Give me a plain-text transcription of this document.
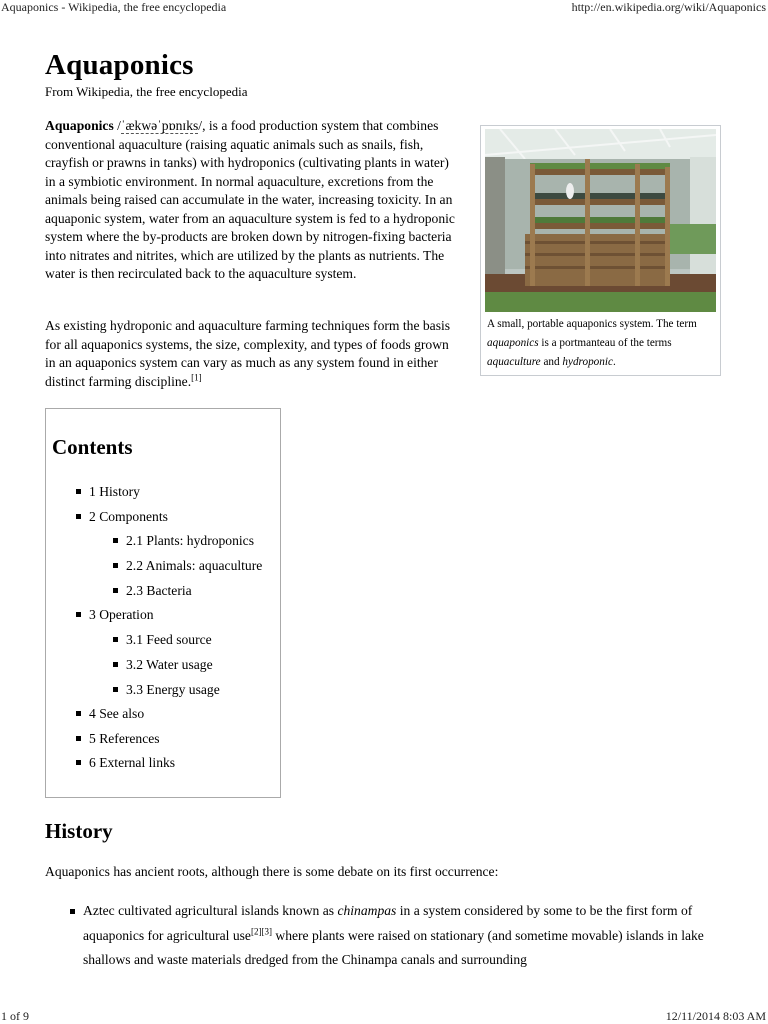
Aquaponics - Wikipedia, the free encyclopedia	http://en.wikipedia.org/wiki/Aquaponics
Aquaponics
From Wikipedia, the free encyclopedia

Aquaponics /ˈækwəˈpɒnɪks/, is a food production system that combines conventional aquaculture (raising aquatic animals such as snails, fish, crayfish or prawns in tanks) with hydroponics (cultivating plants in water) in a symbiotic environment. In normal aquaculture, excretions from the animals being raised can accumulate in the water, increasing toxicity. In an aquaponic system, water from an aquaculture system is fed to a hydroponic system where the by-products are broken down by nitrogen-fixing bacteria into nitrates and nitrites, which are utilized by the plants as nutrients. The water is then recirculated back to the aquaculture system.

As existing hydroponic and aquaculture farming techniques form the basis for all aquaponics systems, the size, complexity, and types of foods grown in an aquaponics system can vary as much as any system found in either distinct farming discipline.[1]

A small, portable aquaponics system. The term aquaponics is a portmanteau of the terms aquaculture and hydroponic.
Contents
1 History
2 Components
2.1 Plants: hydroponics
2.2 Animals: aquaculture
2.3 Bacteria
3 Operation
3.1 Feed source
3.2 Water usage
3.3 Energy usage
4 See also
5 References
6 External links
History
Aquaponics has ancient roots, although there is some debate on its first occurrence:
Aztec cultivated agricultural islands known as chinampas in a system considered by some to be the first form of aquaponics for agricultural use[2][3] where plants were raised on stationary (and sometime movable) islands in lake shallows and waste materials dredged from the Chinampa canals and surrounding
1 of 9	12/11/2014 8:03 AM
